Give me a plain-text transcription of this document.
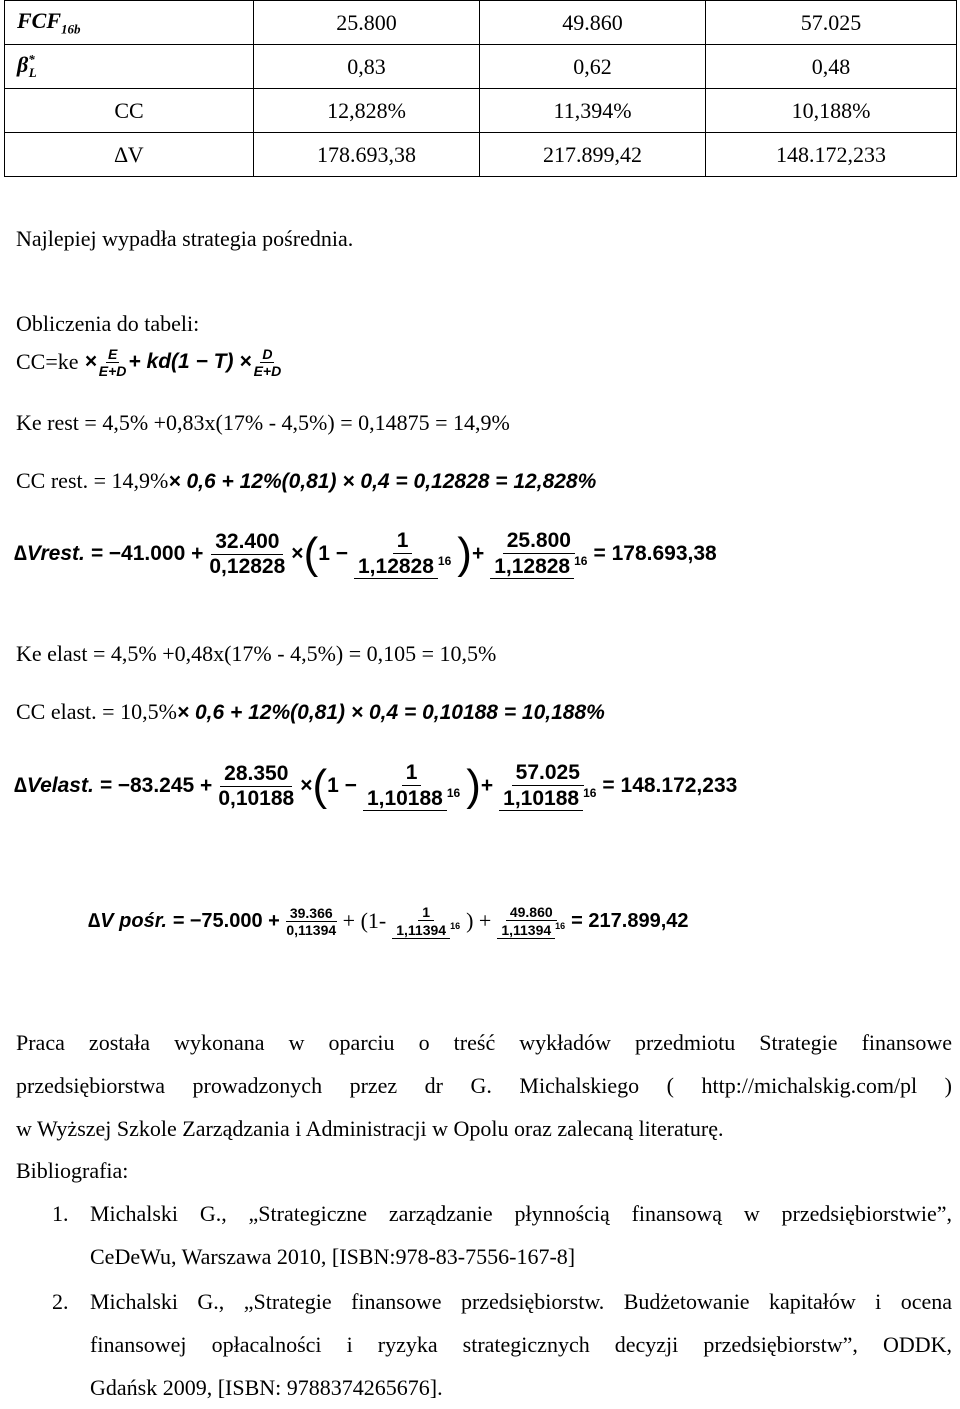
$FCF_{16b}$	25.800	49.860	57.025
$\beta^*_L$	0,83	0,62	0,48
CC	12,828%	11,394%	10,188%
∆V	178.693,38	217.899,42	148.172,233
Najlepiej wypadła strategia pośrednia.
Obliczenia do tabeli:
$CC=ke \times \frac{E}{E+D} + kd(1 - T) \times \frac{D}{E+D}$
Ke rest = 4,5% +0,83x(17% - 4,5%) = 0,14875 = 14,9%
CC rest. = 14,9%× 0,6 + 12%(0,81) × 0,4 = 0,12828 = 12,828%
∆Vrest. =
$-41.000 + \frac{32.400}{0,12828}$ × ( $1 - \frac{1}{1,12828 ^{16}}$ ) + $\frac{25.800}{1,12828 ^{16}} = 178.693,38$
Ke elast = 4,5% +0,48x(17% - 4,5%) = 0,105 = 10,5%
CC elast. = 10,5%× 0,6 + 12%(0,81) × 0,4 = 0,10188 = 10,188%
∆Velast. =
$-83.245 + \frac{28.350}{0,10188}$ × ( $1 - \frac{1}{1,10188 ^{16}}$ ) + $\frac{57.025}{1,10188 ^{16}} = 148.172,233$
∆V pośr. =
$-75.000 + \frac{39.366}{0,11394} + (1-$	1
1,11394 $^{16}$ ) + $\frac{49.860}{1,11394 ^{16}} = 217.899,42$
Praca została wykonana w oparciu o treść wykładów przedmiotu Strategie finansowe
przedsiębiorstwa prowadzonych przez dr G. Michalskiego ( http://michalskig.com/pl )
w Wyższej Szkole Zarządzania i Administracji w Opolu oraz zalecaną literaturę.
Bibliografia:
1. Michalski G., „Strategiczne zarządzanie płynnością finansową w przedsiębiorstwie”,
CeDeWu, Warszawa 2010, [ISBN:978-83-7556-167-8]
2. Michalski G., „Strategie finansowe przedsiębiorstw. Budżetowanie kapitałów i ocena
finansowej opłacalności i ryzyka strategicznych decyzji przedsiębiorstw”, ODDK,
Gdańsk 2009, [ISBN: 9788374265676].
